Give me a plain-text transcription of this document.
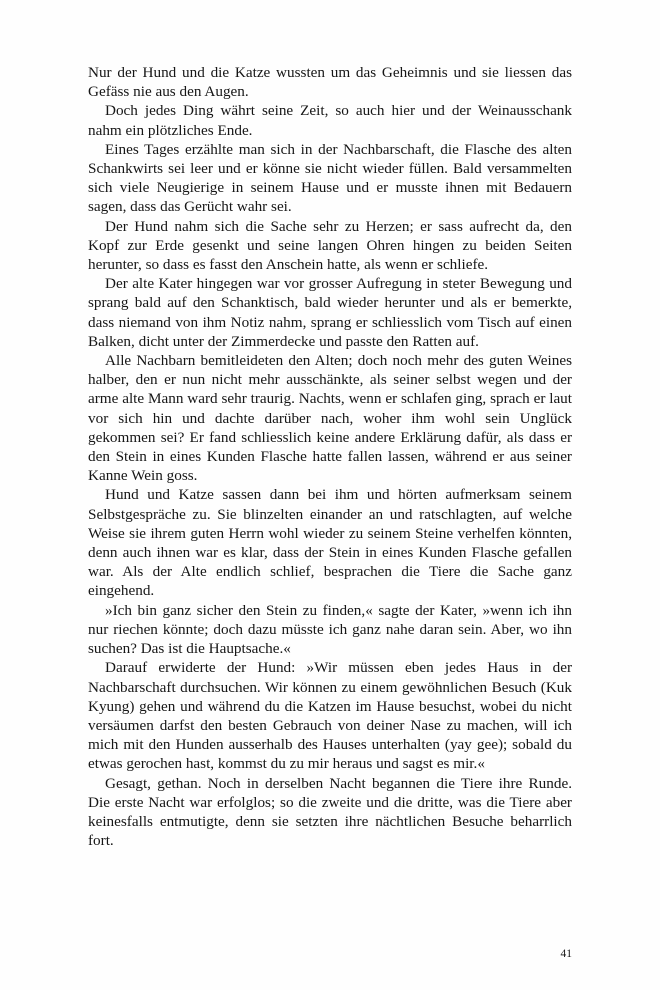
Nur der Hund und die Katze wussten um das Geheimnis und sie liessen das Gefäss nie aus den Augen.

Doch jedes Ding währt seine Zeit, so auch hier und der Weinausschank nahm ein plötzliches Ende.

Eines Tages erzählte man sich in der Nachbarschaft, die Flasche des alten Schankwirts sei leer und er könne sie nicht wieder füllen. Bald versammelten sich viele Neugierige in seinem Hause und er musste ihnen mit Bedauern sagen, dass das Gerücht wahr sei.

Der Hund nahm sich die Sache sehr zu Herzen; er sass aufrecht da, den Kopf zur Erde gesenkt und seine langen Ohren hingen zu beiden Seiten herunter, so dass es fasst den Anschein hatte, als wenn er schliefe.

Der alte Kater hingegen war vor grosser Aufregung in steter Bewegung und sprang bald auf den Schanktisch, bald wieder herunter und als er bemerkte, dass niemand von ihm Notiz nahm, sprang er schliesslich vom Tisch auf einen Balken, dicht unter der Zimmerdecke und passte den Ratten auf.

Alle Nachbarn bemitleideten den Alten; doch noch mehr des guten Weines halber, den er nun nicht mehr ausschänkte, als seiner selbst wegen und der arme alte Mann ward sehr traurig. Nachts, wenn er schlafen ging, sprach er laut vor sich hin und dachte darüber nach, woher ihm wohl sein Unglück gekommen sei? Er fand schliesslich keine andere Erklärung dafür, als dass er den Stein in eines Kunden Flasche hatte fallen lassen, während er aus seiner Kanne Wein goss.

Hund und Katze sassen dann bei ihm und hörten aufmerksam seinem Selbstgespräche zu. Sie blinzelten einander an und ratschlagten, auf welche Weise sie ihrem guten Herrn wohl wieder zu seinem Steine verhelfen könnten, denn auch ihnen war es klar, dass der Stein in eines Kunden Flasche gefallen war. Als der Alte endlich schlief, besprachen die Tiere die Sache ganz eingehend.

»Ich bin ganz sicher den Stein zu finden,« sagte der Kater, »wenn ich ihn nur riechen könnte; doch dazu müsste ich ganz nahe daran sein. Aber, wo ihn suchen? Das ist die Hauptsache.«

Darauf erwiderte der Hund: »Wir müssen eben jedes Haus in der Nachbarschaft durchsuchen. Wir können zu einem gewöhnlichen Besuch (Kuk Kyung) gehen und während du die Katzen im Hause besuchst, wobei du nicht versäumen darfst den besten Gebrauch von deiner Nase zu machen, will ich mich mit den Hunden ausserhalb des Hauses unterhalten (yay gee); sobald du etwas gerochen hast, kommst du zu mir heraus und sagst es mir.«

Gesagt, gethan. Noch in derselben Nacht begannen die Tiere ihre Runde. Die erste Nacht war erfolglos; so die zweite und die dritte, was die Tiere aber keinesfalls entmutigte, denn sie setzten ihre nächtlichen Besuche beharrlich fort.

41
